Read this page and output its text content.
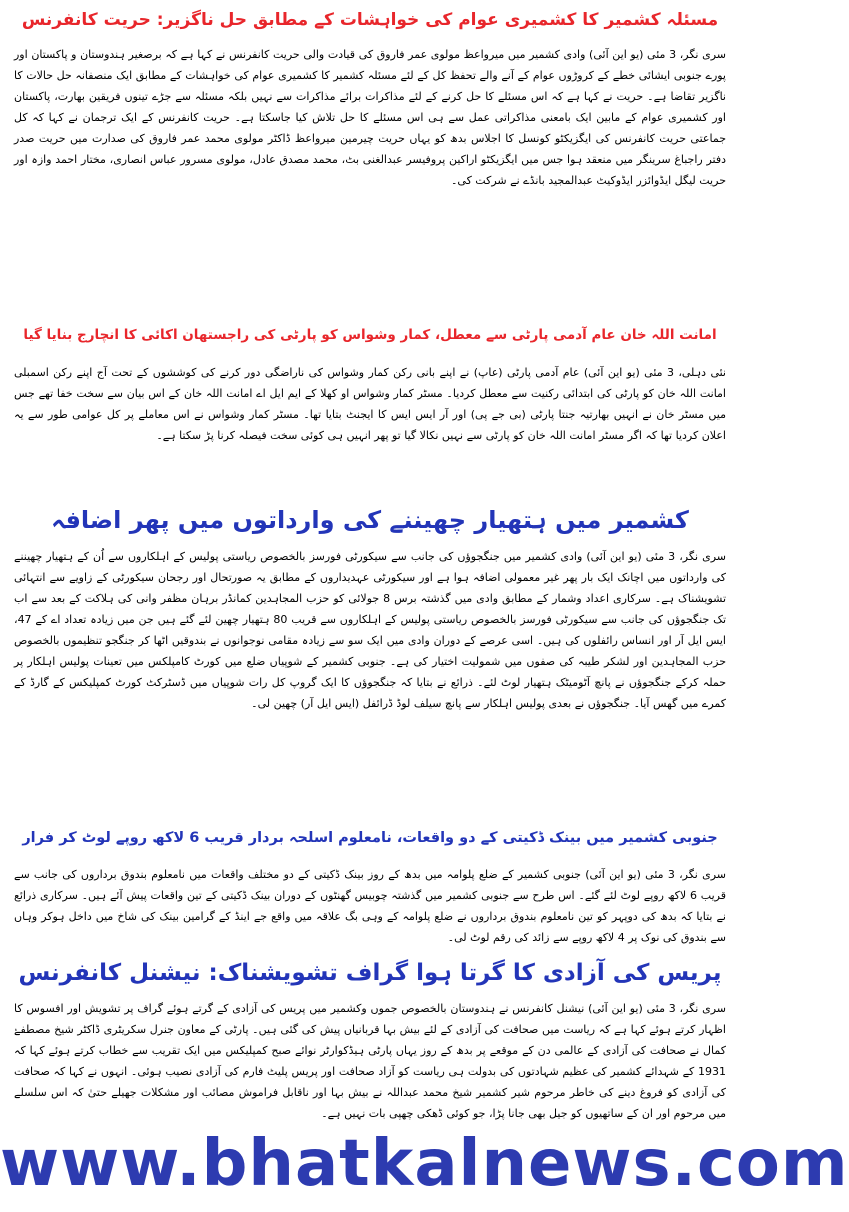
مسئلہ کشمیر کا کشمیری عوام کی خواہشات کے مطابق حل ناگزیر: حریت کانفرنس

سری نگر، 3 مئی (یو این آئی) وادی کشمیر میں میرواعظ مولوی عمر فاروق کی قیادت والی حریت کانفرنس نے کہا ہے کہ برصغیر ہندوستان و پاکستان اور پورے جنوبی ایشائی خطے کے کروڑوں عوام کے آنے والے تحفظ کل کے لئے مسئلہ کشمیر کا کشمیری عوام کی خواہشات کے مطابق ایک منصفانہ حل حالات کا ناگزیر تقاضا ہے۔ حریت نے کہا ہے کہ اس مسئلے کا حل کرنے کے لئے مذاکرات برائے مذاکرات سے نہیں بلکہ مسئلہ سے جڑے تینوں فریقین بھارت، پاکستان اور کشمیری عوام کے مابین ایک بامعنی مذاکراتی عمل سے ہی اس مسئلے کا حل تلاش کیا جاسکتا ہے۔ حریت کانفرنس کے ایک ترجمان نے کہا کہ کل جماعتی حریت کانفرنس کی ایگزیکٹو کونسل کا اجلاس بدھ کو یہاں حریت چیرمین میرواعظ ڈاکٹر مولوی محمد عمر فاروق کی صدارت میں حریت صدر دفتر راجباغ سرینگر میں منعقد ہوا جس میں ایگزیکٹو اراکین پروفیسر عبدالغنی بٹ، محمد مصدق عادل، مولوی مسرور عباس انصاری، مختار احمد وازہ اور حریت لیگل ایڈوائزر ایڈوکیٹ عبدالمجید بانڈے نے شرکت کی۔

امانت اللہ خان عام آدمی پارٹی سے معطل، کمار وشواس کو پارٹی کی راجستھان اکائی کا انچارج بنایا گیا

نئی دہلی، 3 مئی (یو این آئی) عام آدمی پارٹی (عاپ) نے اپنے بانی رکن کمار وشواس کی ناراضگی دور کرنے کی کوششوں کے تحت آج اپنے رکن اسمبلی امانت اللہ خان کو پارٹی کی ابتدائی رکنیت سے معطل کردیا۔ مسٹر کمار وشواس او کھلا کے ایم ایل اے امانت اللہ خان کے اس بیان سے سخت خفا تھے جس میں مسٹر خان نے انہیں بھارتیہ جنتا پارٹی (بی جے پی) اور آر ایس ایس کا ایجنٹ بتایا تھا۔ مسٹر کمار وشواس نے اس معاملے پر کل عوامی طور سے یہ اعلان کردیا تھا کہ اگر مسٹر امانت اللہ خان کو پارٹی سے نہیں نکالا گیا تو پھر انہیں ہی کوئی سخت فیصلہ کرنا پڑ سکتا ہے۔

کشمیر میں ہتھیار چھیننے کی وارداتوں میں پھر اضافہ

سری نگر، 3 مئی (یو این آئی) وادی کشمیر میں جنگجوؤں کی جانب سے سیکورٹی فورسز بالخصوص ریاستی پولیس کے اہلکاروں سے اُن کے ہتھیار چھیننے کی وارداتوں میں اچانک ایک بار پھر غیر معمولی اضافہ ہوا ہے اور سیکورٹی عہدیداروں کے مطابق یہ صورتحال اور رجحان سیکورٹی کے زاویے سے انتہائی تشویشناک ہے۔ سرکاری اعداد وشمار کے مطابق وادی میں گذشتہ برس 8 جولائی کو حزب المجاہدین کمانڈر برہان مظفر وانی کی ہلاکت کے بعد سے اب تک جنگجوؤں کی جانب سے سیکورٹی فورسز بالخصوص ریاستی پولیس کے اہلکاروں سے قریب 80 ہتھیار چھین لئے گئے ہیں جن میں زیادہ تعداد اے کے 47، ایس ایل آر اور انساس رائفلوں کی ہیں۔ اسی عرصے کے دوران وادی میں ایک سو سے زیادہ مقامی نوجوانوں نے بندوقیں اٹھا کر جنگجو تنظیموں بالخصوص حزب المجاہدین اور لشکر طیبہ کی صفوں میں شمولیت اختیار کی ہے۔ جنوبی کشمیر کے شوپیاں ضلع میں کورٹ کامپلکس میں تعینات پولیس اہلکار پر حملہ کرکے جنگجوؤں نے پانچ آٹومیٹک ہتھیار لوٹ لئے۔ ذرائع نے بتایا کہ جنگجوؤں کا ایک گروپ کل رات شوپیاں میں ڈسٹرکٹ کورٹ کمپلیکس کے گارڈ کے کمرے میں گھس آیا۔ جنگجوؤں نے بعدی پولیس اہلکار سے پانچ سیلف لوڈ ڈرائفل (ایس ایل آر) چھین لی۔

جنوبی کشمیر میں بینک ڈکیتی کے دو واقعات، نامعلوم اسلحہ بردار قریب 6 لاکھ روپے لوٹ کر فرار

سری نگر، 3 مئی (یو این آئی) جنوبی کشمیر کے ضلع پلوامہ میں بدھ کے روز بینک ڈکیتی کے دو مختلف واقعات میں نامعلوم بندوق برداروں کی جانب سے قریب 6 لاکھ روپے لوٹ لئے گئے۔ اس طرح سے جنوبی کشمیر میں گذشتہ چوبیس گھنٹوں کے دوران بینک ڈکیتی کے تین واقعات پیش آئے ہیں۔ سرکاری ذرائع نے بتایا کہ بدھ کی دوپہر کو تین نامعلوم بندوق برداروں نے ضلع پلوامہ کے وہی بگ علاقہ میں واقع جے اینڈ کے گرامین بینک کی شاخ میں داخل ہوکر وہاں سے بندوق کی نوک پر 4 لاکھ روپے سے زائد کی رقم لوٹ لی۔

پریس کی آزادی کا گرتا ہوا گراف تشویشناک: نیشنل کانفرنس

سری نگر، 3 مئی (یو این آئی) نیشنل کانفرنس نے ہندوستان بالخصوص جموں وکشمیر میں پریس کی آزادی کے گرتے ہوئے گراف پر تشویش اور افسوس کا اظہار کرتے ہوئے کہا ہے کہ ریاست میں صحافت کی آزادی کے لئے بیش بہا قربانیاں پیش کی گئی ہیں۔ پارٹی کے معاون جنرل سکریٹری ڈاکٹر شیخ مصطفےٰ کمال نے صحافت کی آزادی کے عالمی دن کے موقعے پر بدھ کے روز یہاں پارٹی ہیڈکوارٹر نوائے صبح کمپلیکس میں ایک تقریب سے خطاب کرتے ہوئے کہا کہ 1931 کے شہدائے کشمیر کی عظیم شہادتوں کی بدولت ہی ریاست کو آزاد صحافت اور پریس پلیٹ فارم کی آزادی نصیب ہوئی۔ انہوں نے کہا کہ صحافت کی آزادی کو فروغ دینے کی خاطر مرحوم شیر کشمیر شیخ محمد عبداللہ نے بیش بہا اور ناقابل فراموش مصائب اور مشکلات جھیلے حتیٰ کہ اس سلسلے میں مرحوم اور ان کے ساتھیوں کو جیل بھی جانا پڑا، جو کوئی ڈھکی چھپی بات نہیں ہے۔

www.bhatkalnews.com
